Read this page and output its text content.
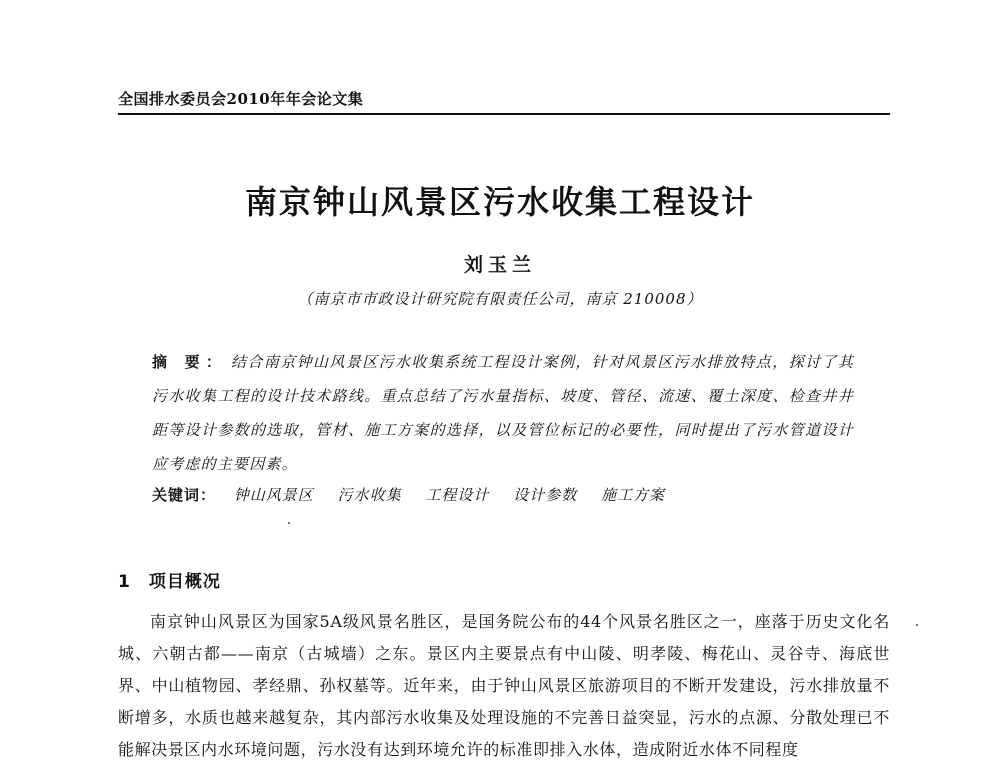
全国排水委员会2010年年会论文集
南京钟山风景区污水收集工程设计
刘玉兰
（南京市市政设计研究院有限责任公司，南京 210008）
摘 要： 结合南京钟山风景区污水收集系统工程设计案例，针对风景区污水排放特点，探讨了其污水收集工程的设计技术路线。重点总结了污水量指标、坡度、管径、流速、覆土深度、检查井井距等设计参数的选取，管材、施工方案的选择，以及管位标记的必要性，同时提出了污水管道设计应考虑的主要因素。
关键词： 钟山风景区 污水收集 工程设计 设计参数 施工方案
1 项目概况
南京钟山风景区为国家5A级风景名胜区，是国务院公布的44个风景名胜区之一，座落于历史文化名城、六朝古都——南京（古城墙）之东。景区内主要景点有中山陵、明孝陵、梅花山、灵谷寺、海底世界、中山植物园、孝经鼎、孙权墓等。近年来，由于钟山风景区旅游项目的不断开发建设，污水排放量不断增多，水质也越来越复杂，其内部污水收集及处理设施的不完善日益突显，污水的点源、分散处理已不能解决景区内水环境问题，污水没有达到环境允许的标准即排入水体，造成附近水体不同程度
